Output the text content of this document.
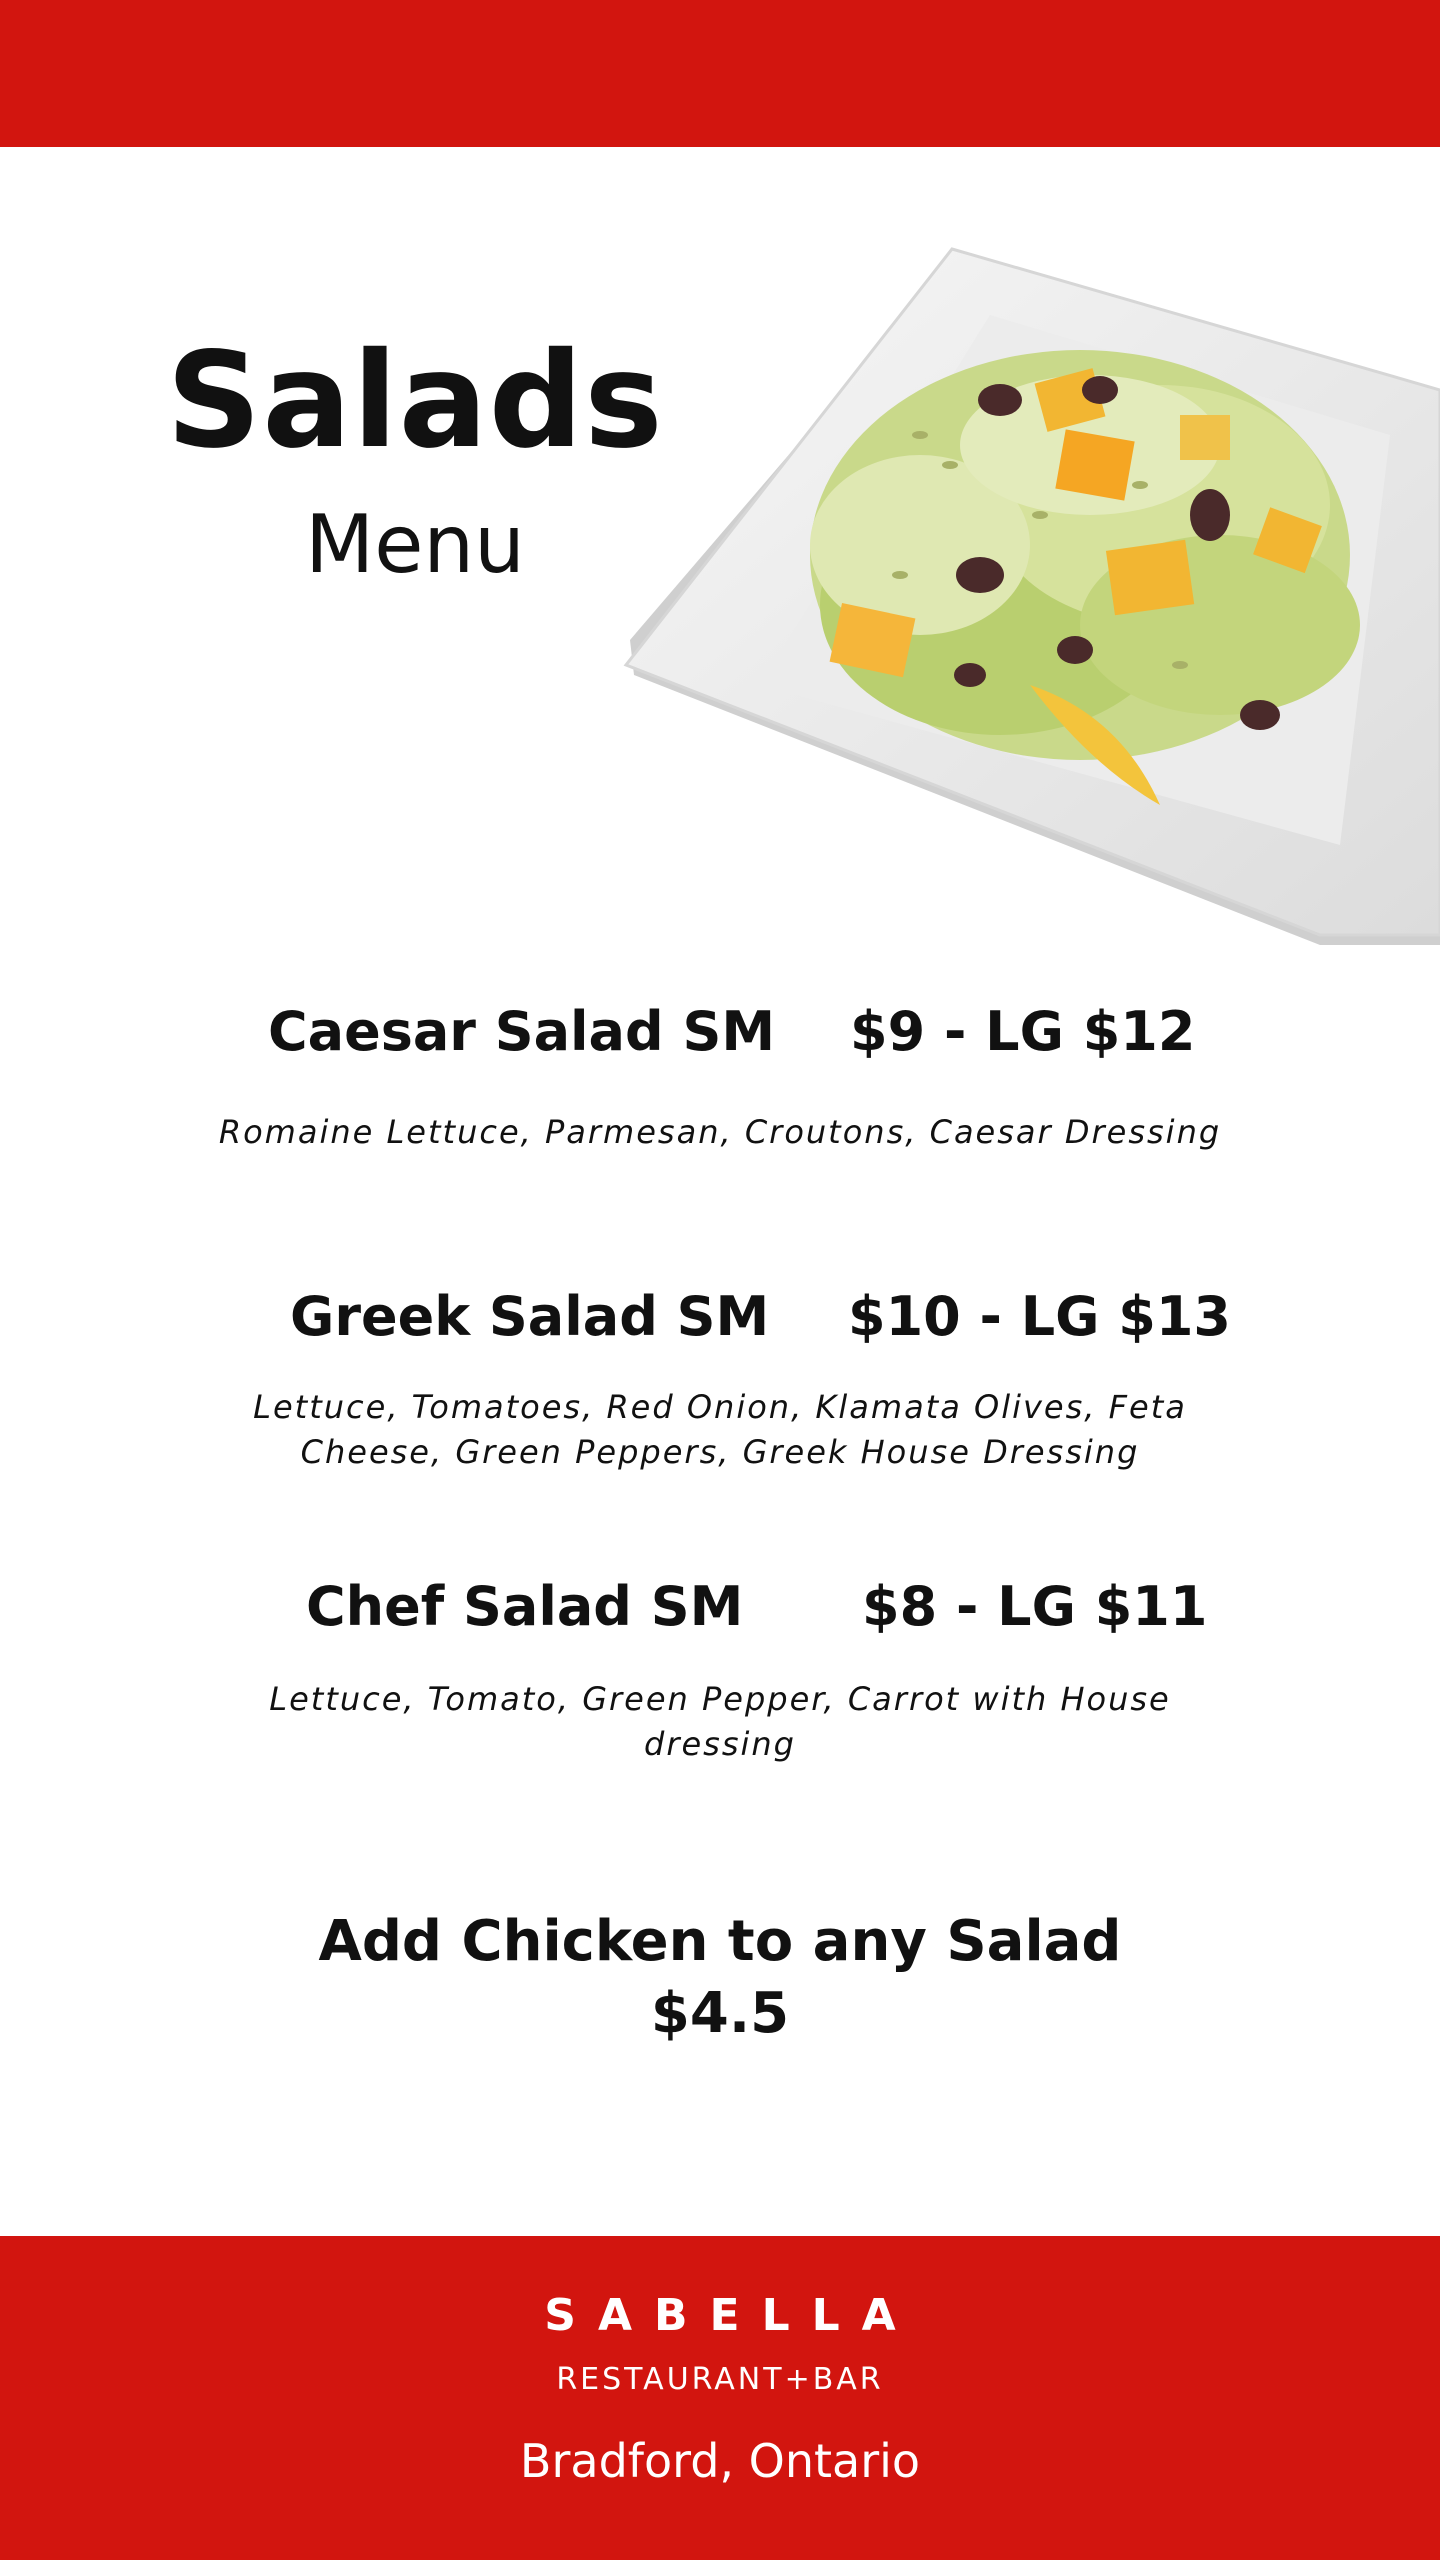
Salads
Menu
Caesar Salad SM $9 - LG $12
Romaine Lettuce, Parmesan, Croutons, Caesar Dressing
Greek Salad SM $10 - LG $13
Lettuce, Tomatoes, Red Onion, Klamata Olives, Feta
Cheese, Green Peppers, Greek House Dressing
Chef Salad SM $8 - LG $11
Lettuce, Tomato, Green Pepper, Carrot with House
dressing
Add Chicken to any Salad
$4.5
SABELLA
RESTAURANT+BAR
Bradford, Ontario
